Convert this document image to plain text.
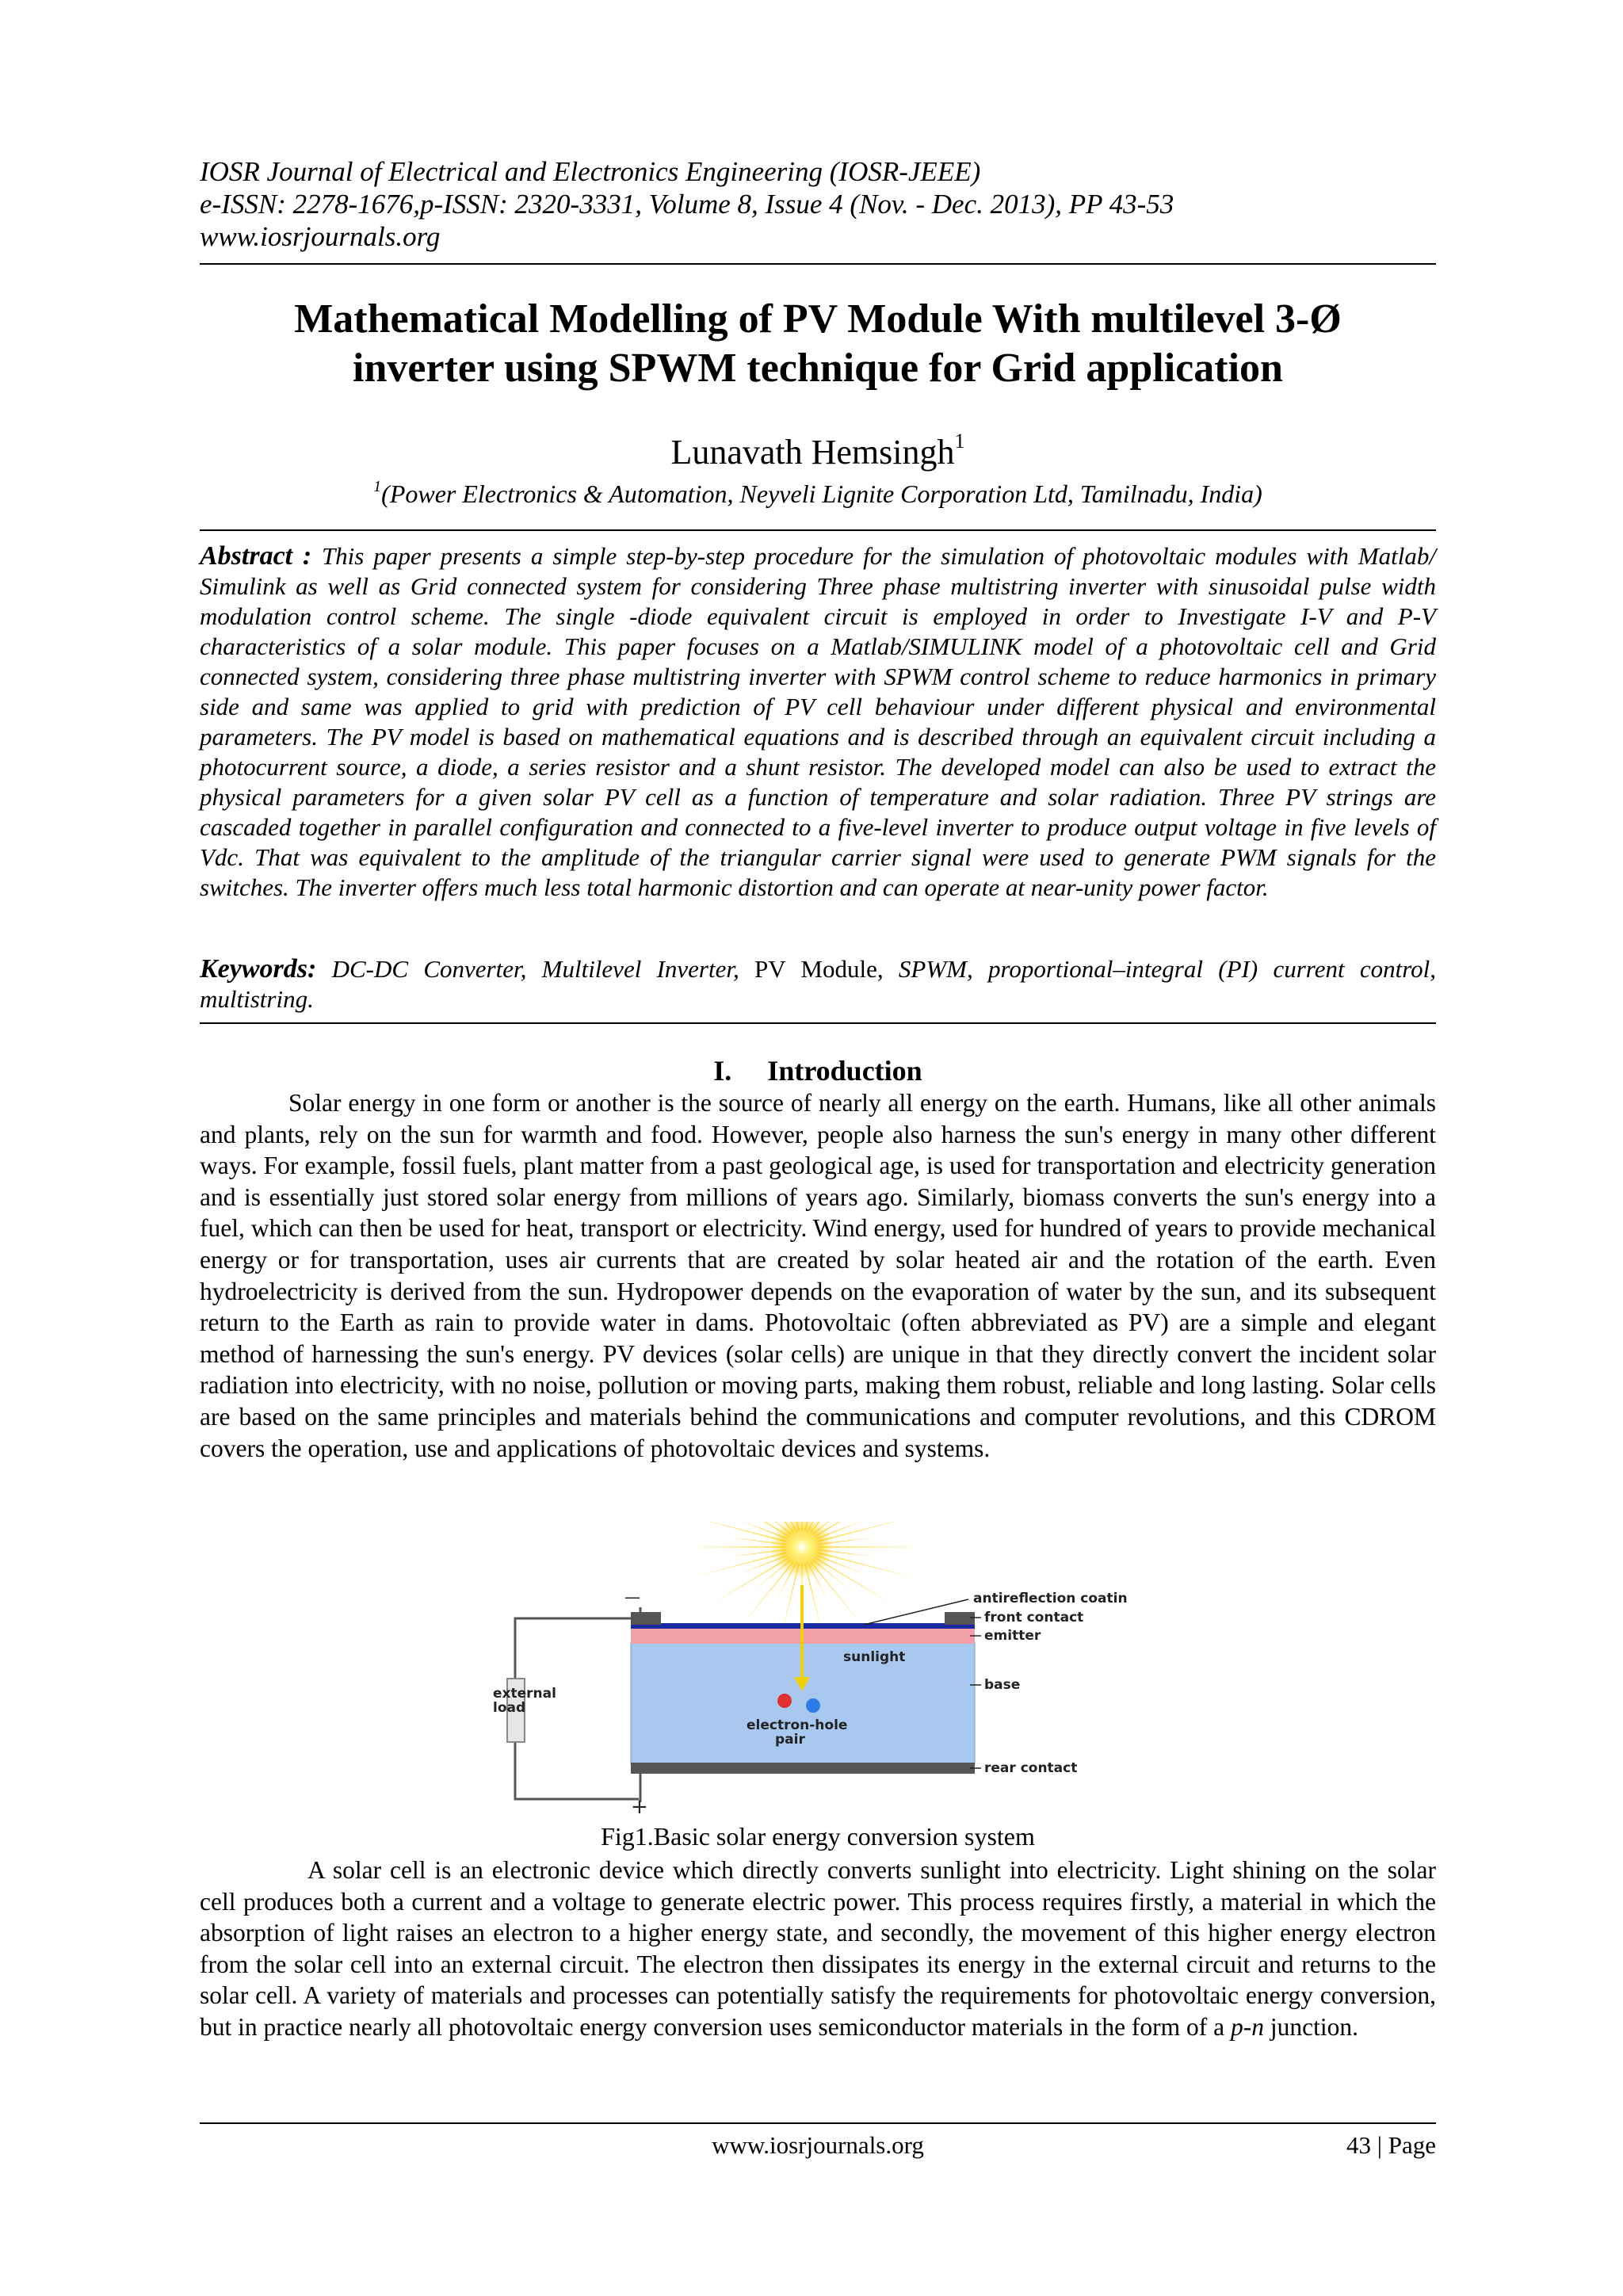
IOSR Journal of Electrical and Electronics Engineering (IOSR-JEEE)
e-ISSN: 2278-1676,p-ISSN: 2320-3331, Volume 8, Issue 4 (Nov. - Dec. 2013), PP 43-53
www.iosrjournals.org
Mathematical Modelling of PV Module With multilevel 3-Ø
inverter using SPWM technique for Grid application
Lunavath Hemsingh$^1$
$^1$(Power Electronics & Automation, Neyveli Lignite Corporation Ltd, Tamilnadu, India)
Abstract : This paper presents a simple step-by-step procedure for the simulation of photovoltaic modules with Matlab/ Simulink as well as Grid connected system for considering Three phase multistring inverter with sinusoidal pulse width modulation control scheme. The single -diode equivalent circuit is employed in order to Investigate I-V and P-V characteristics of a solar module. This paper focuses on a Matlab/SIMULINK model of a photovoltaic cell and Grid connected system, considering three phase multistring inverter with SPWM control scheme to reduce harmonics in primary side and same was applied to grid with prediction of PV cell behaviour under different physical and environmental parameters. The PV model is based on mathematical equations and is described through an equivalent circuit including a photocurrent source, a diode, a series resistor and a shunt resistor. The developed model can also be used to extract the physical parameters for a given solar PV cell as a function of temperature and solar radiation. Three PV strings are cascaded together in parallel configuration and connected to a five-level inverter to produce output voltage in five levels of Vdc. That was equivalent to the amplitude of the triangular carrier signal were used to generate PWM signals for the switches. The inverter offers much less total harmonic distortion and can operate at near-unity power factor.
Keywords: DC-DC Converter, Multilevel Inverter, PV Module, SPWM, proportional–integral (PI) current control, multistring.
I.     Introduction
Solar energy in one form or another is the source of nearly all energy on the earth. Humans, like all other animals and plants, rely on the sun for warmth and food. However, people also harness the sun's energy in many other different ways. For example, fossil fuels, plant matter from a past geological age, is used for transportation and electricity generation and is essentially just stored solar energy from millions of years ago. Similarly, biomass converts the sun's energy into a fuel, which can then be used for heat, transport or electricity. Wind energy, used for hundred of years to provide mechanical energy or for transportation, uses air currents that are created by solar heated air and the rotation of the earth. Even hydroelectricity is derived from the sun. Hydropower depends on the evaporation of water by the sun, and its subsequent return to the Earth as rain to provide water in dams. Photovoltaic (often abbreviated as PV) are a simple and elegant method of harnessing the sun's energy. PV devices (solar cells) are unique in that they directly convert the incident solar radiation into electricity, with no noise, pollution or moving parts, making them robust, reliable and long lasting. Solar cells are based on the same principles and materials behind the communications and computer revolutions, and this CDROM covers the operation, use and applications of photovoltaic devices and systems.
external
load
—
+
sunlight
electron-hole
pair
antireflection coatin
front contact
emitter
base
rear contact
Fig1.Basic solar energy conversion system
A solar cell is an electronic device which directly converts sunlight into electricity. Light shining on the solar cell produces both a current and a voltage to generate electric power. This process requires firstly, a material in which the absorption of light raises an electron to a higher energy state, and secondly, the movement of this higher energy electron from the solar cell into an external circuit. The electron then dissipates its energy in the external circuit and returns to the solar cell. A variety of materials and processes can potentially satisfy the requirements for photovoltaic energy conversion, but in practice nearly all photovoltaic energy conversion uses semiconductor materials in the form of a p-n junction.
www.iosrjournals.org	43 | Page
